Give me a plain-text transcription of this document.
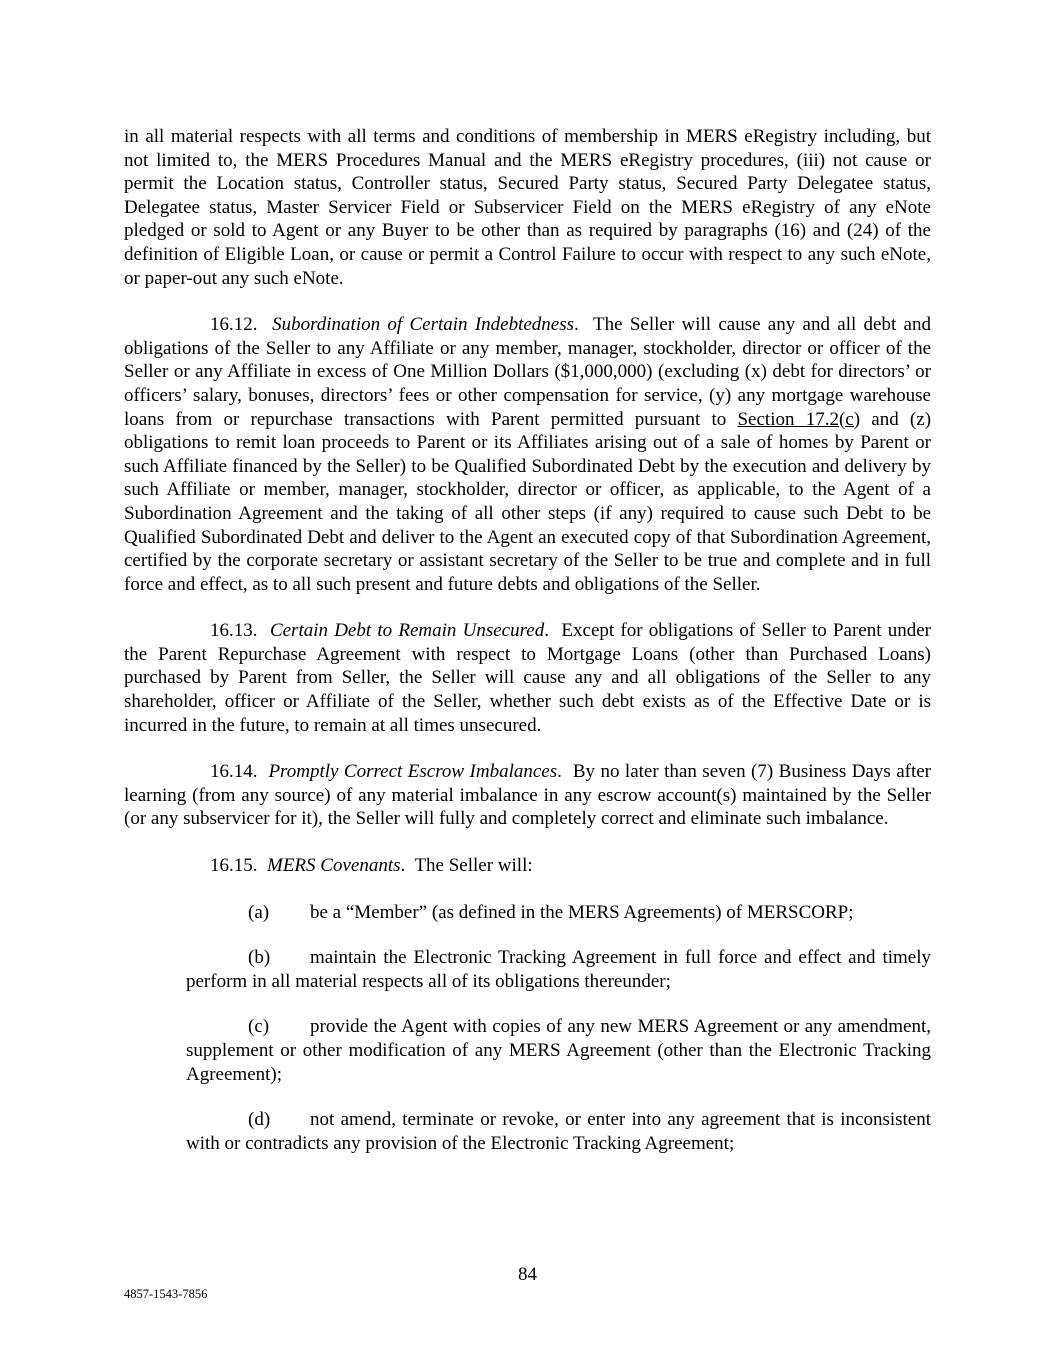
in all material respects with all terms and conditions of membership in MERS eRegistry including, but not limited to, the MERS Procedures Manual and the MERS eRegistry procedures, (iii) not cause or permit the Location status, Controller status, Secured Party status, Secured Party Delegatee status, Delegatee status, Master Servicer Field or Subservicer Field on the MERS eRegistry of any eNote pledged or sold to Agent or any Buyer to be other than as required by paragraphs (16) and (24) of the definition of Eligible Loan, or cause or permit a Control Failure to occur with respect to any such eNote, or paper-out any such eNote.

16.12. Subordination of Certain Indebtedness.  The Seller will cause any and all debt and obligations of the Seller to any Affiliate or any member, manager, stockholder, director or officer of the Seller or any Affiliate in excess of One Million Dollars ($1,000,000) (excluding (x) debt for directors’ or officers’ salary, bonuses, directors’ fees or other compensation for service, (y) any mortgage warehouse loans from or repurchase transactions with Parent permitted pursuant to Section 17.2(c) and (z) obligations to remit loan proceeds to Parent or its Affiliates arising out of a sale of homes by Parent or such Affiliate financed by the Seller) to be Qualified Subordinated Debt by the execution and delivery by such Affiliate or member, manager, stockholder, director or officer, as applicable, to the Agent of a Subordination Agreement and the taking of all other steps (if any) required to cause such Debt to be Qualified Subordinated Debt and deliver to the Agent an executed copy of that Subordination Agreement, certified by the corporate secretary or assistant secretary of the Seller to be true and complete and in full force and effect, as to all such present and future debts and obligations of the Seller.

16.13. Certain Debt to Remain Unsecured.  Except for obligations of Seller to Parent under the Parent Repurchase Agreement with respect to Mortgage Loans (other than Purchased Loans) purchased by Parent from Seller, the Seller will cause any and all obligations of the Seller to any shareholder, officer or Affiliate of the Seller, whether such debt exists as of the Effective Date or is incurred in the future, to remain at all times unsecured.

16.14. Promptly Correct Escrow Imbalances.  By no later than seven (7) Business Days after learning (from any source) of any material imbalance in any escrow account(s) maintained by the Seller (or any subservicer for it), the Seller will fully and completely correct and eliminate such imbalance.

16.15. MERS Covenants.  The Seller will:

(a) be a “Member” (as defined in the MERS Agreements) of MERSCORP;

(b) maintain the Electronic Tracking Agreement in full force and effect and timely perform in all material respects all of its obligations thereunder;

(c) provide the Agent with copies of any new MERS Agreement or any amendment, supplement or other modification of any MERS Agreement (other than the Electronic Tracking Agreement);

(d) not amend, terminate or revoke, or enter into any agreement that is inconsistent with or contradicts any provision of the Electronic Tracking Agreement;

84
4857-1543-7856
